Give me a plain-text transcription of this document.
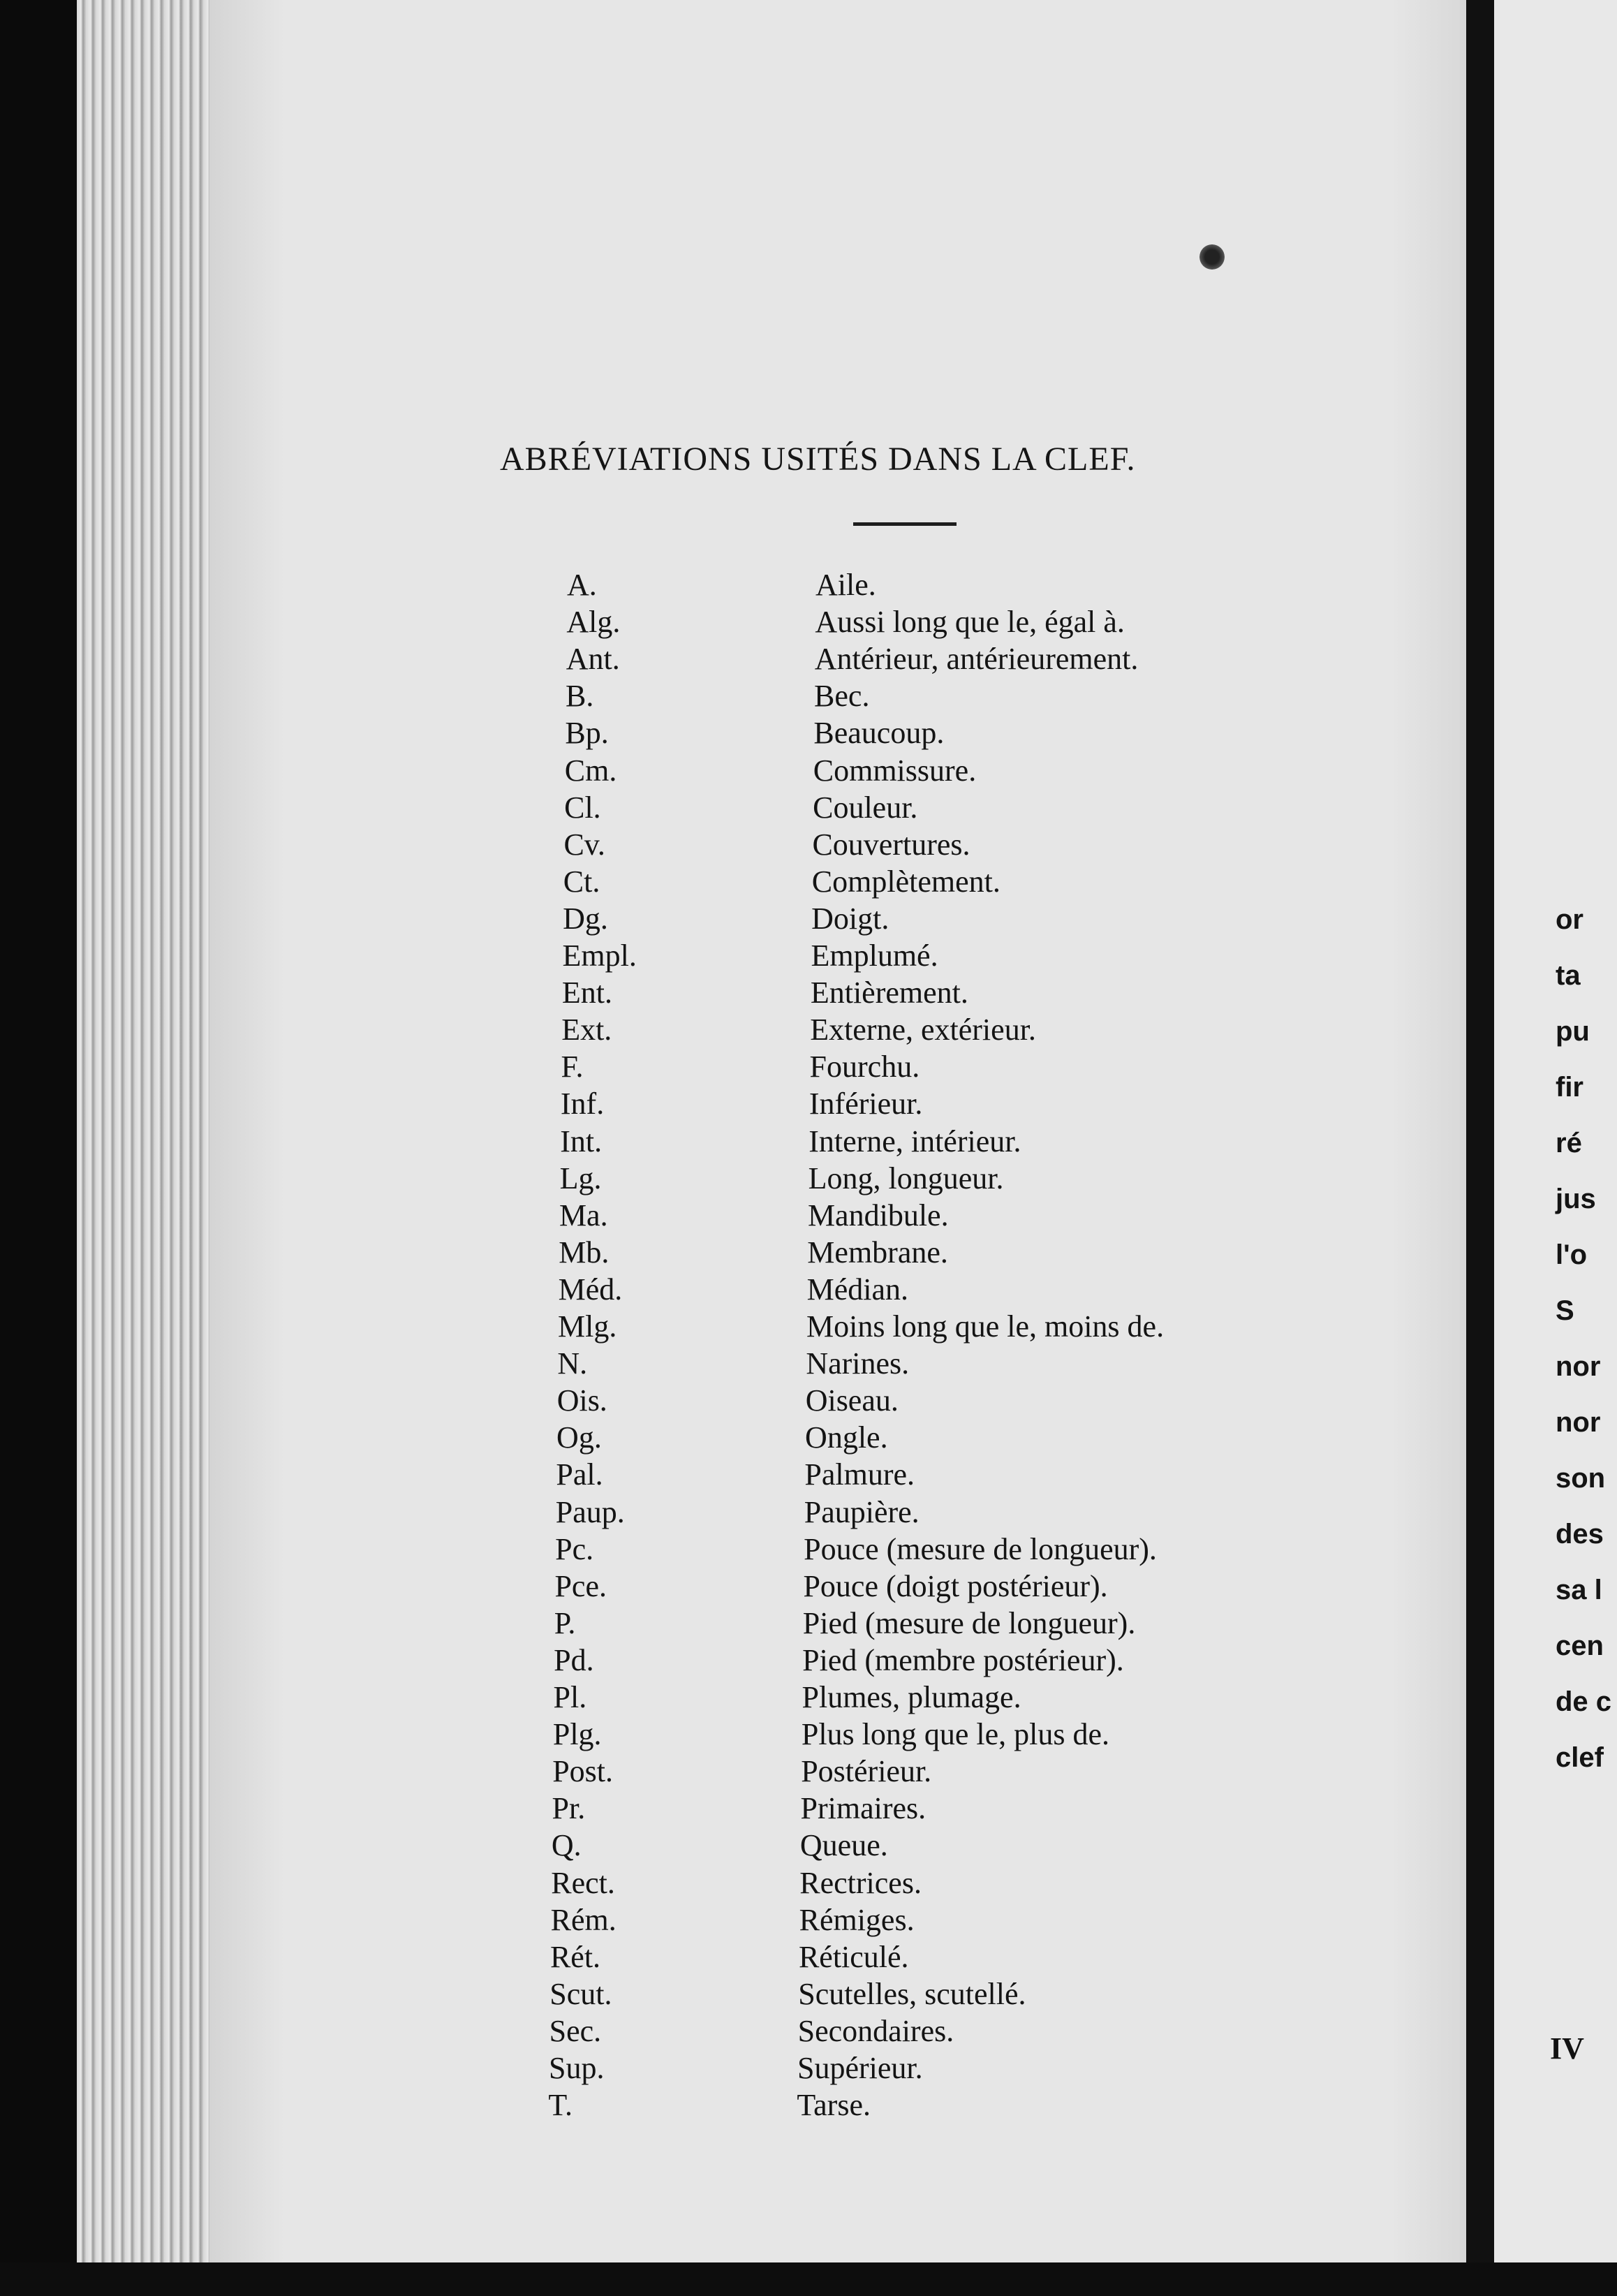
ABRÉVIATIONS USITÉS DANS LA CLEF.
A.	Aile.
Alg.	Aussi long que le, égal à.
Ant.	Antérieur, antérieurement.
B.	Bec.
Bp.	Beaucoup.
Cm.	Commissure.
Cl.	Couleur.
Cv.	Couvertures.
Ct.	Complètement.
Dg.	Doigt.
Empl.	Emplumé.
Ent.	Entièrement.
Ext.	Externe, extérieur.
F.	Fourchu.
Inf.	Inférieur.
Int.	Interne, intérieur.
Lg.	Long, longueur.
Ma.	Mandibule.
Mb.	Membrane.
Méd.	Médian.
Mlg.	Moins long que le, moins de.
N.	Narines.
Ois.	Oiseau.
Og.	Ongle.
Pal.	Palmure.
Paup.	Paupière.
Pc.	Pouce (mesure de longueur).
Pce.	Pouce (doigt postérieur).
P.	Pied (mesure de longueur).
Pd.	Pied (membre postérieur).
Pl.	Plumes, plumage.
Plg.	Plus long que le, plus de.
Post.	Postérieur.
Pr.	Primaires.
Q.	Queue.
Rect.	Rectrices.
Rém.	Rémiges.
Rét.	Réticulé.
Scut.	Scutelles, scutellé.
Sec.	Secondaires.
Sup.	Supérieur.
T.	Tarse.
or
ta
pu
fir
ré
jus
l'o
S
nor
nor
son
des
sa l
cen
de c
clef
IV
